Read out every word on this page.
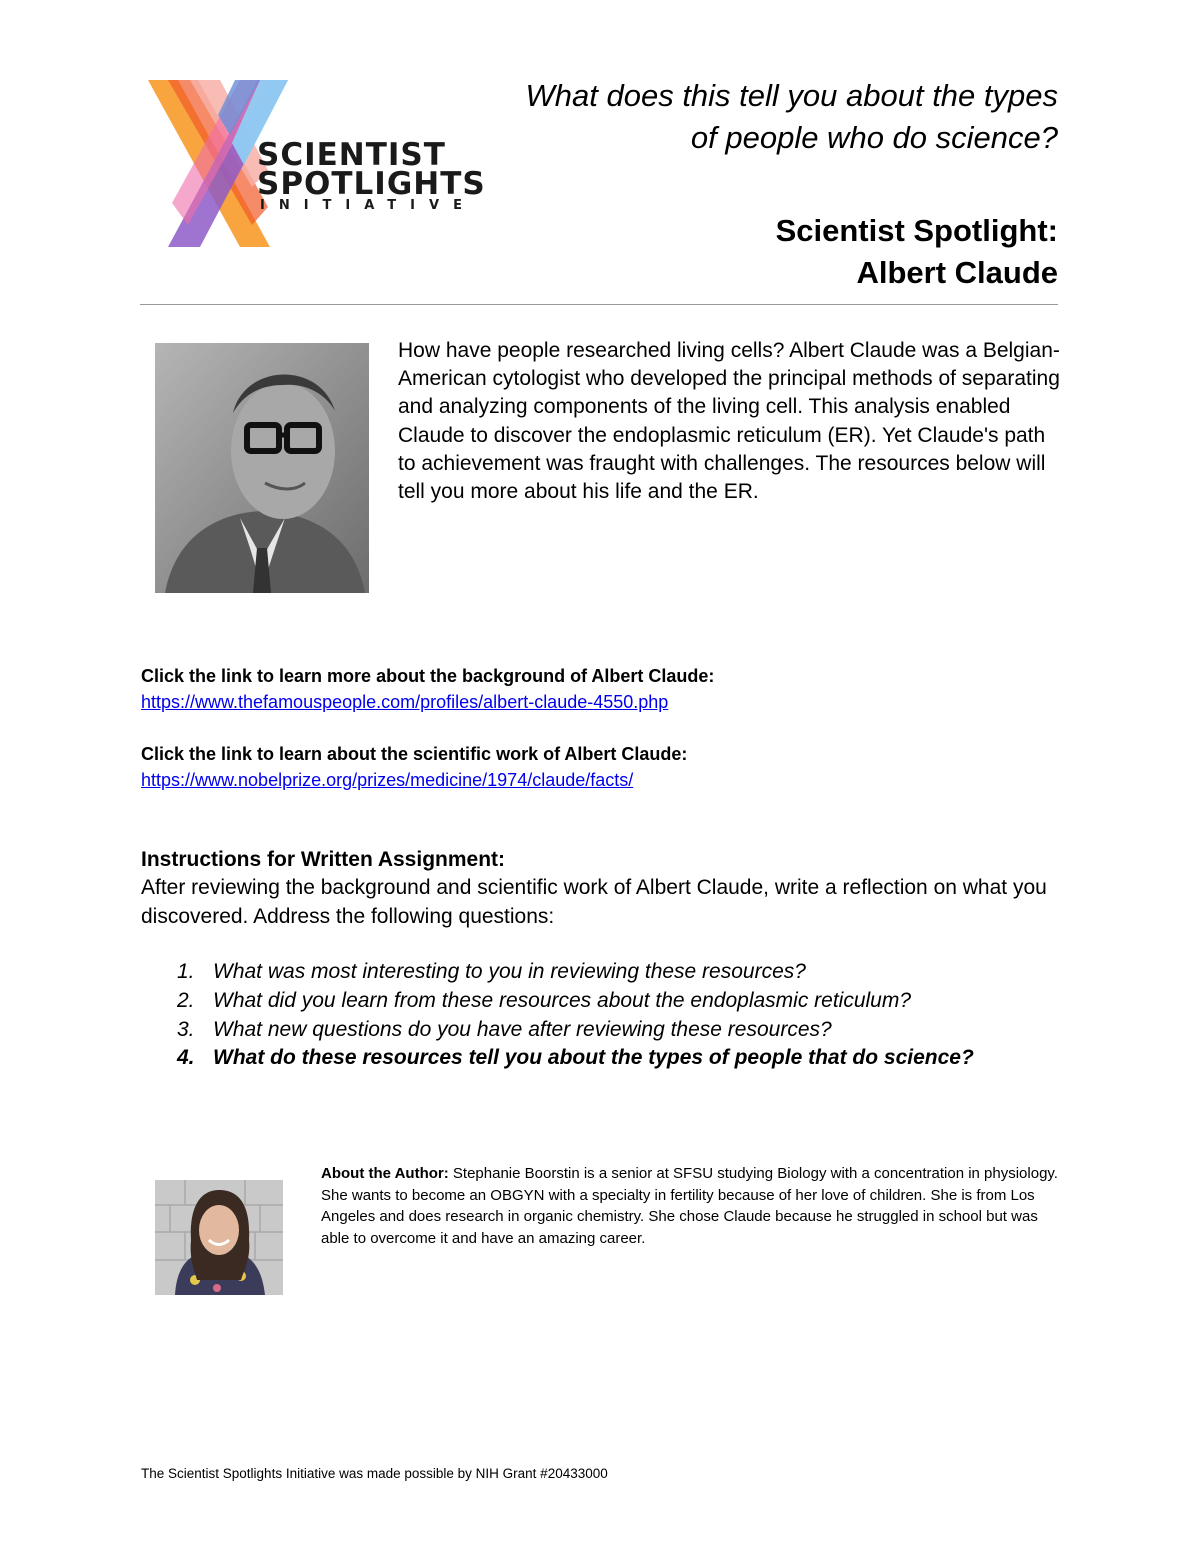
SCIENTIST
SPOTLIGHTS
INITIATIVE
What does this tell you about the types of people who do science?
Scientist Spotlight:
Albert Claude
How have people researched living cells? Albert Claude was a Belgian-American cytologist who developed the principal methods of separating and analyzing components of the living cell. This analysis enabled Claude to discover the endoplasmic reticulum (ER). Yet Claude's path to achievement was fraught with challenges. The resources below will tell you more about his life and the ER.
Click the link to learn more about the background of Albert Claude:
https://www.thefamouspeople.com/profiles/albert-claude-4550.php
Click the link to learn about the scientific work of Albert Claude:
https://www.nobelprize.org/prizes/medicine/1974/claude/facts/
Instructions for Written Assignment:
After reviewing the background and scientific work of Albert Claude, write a reflection on what you discovered. Address the following questions:
1. What was most interesting to you in reviewing these resources?
2. What did you learn from these resources about the endoplasmic reticulum?
3. What new questions do you have after reviewing these resources?
4. What do these resources tell you about the types of people that do science?
About the Author: Stephanie Boorstin is a senior at SFSU studying Biology with a concentration in physiology. She wants to become an OBGYN with a specialty in fertility because of her love of children. She is from Los Angeles and does research in organic chemistry. She chose Claude because he struggled in school but was able to overcome it and have an amazing career.
The Scientist Spotlights Initiative was made possible by NIH Grant #20433000
